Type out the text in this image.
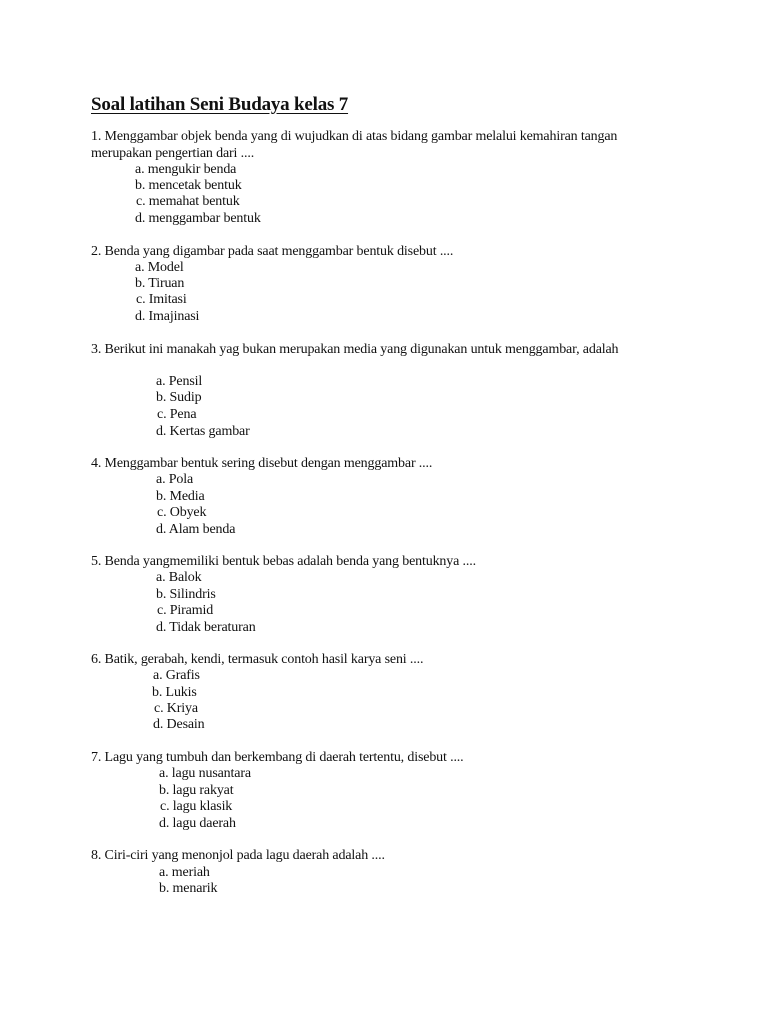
Soal latihan Seni Budaya kelas 7
1. Menggambar objek benda yang di wujudkan di atas bidang gambar melalui kemahiran tangan
merupakan pengertian dari ....
a. mengukir benda
b. mencetak bentuk
c. memahat bentuk
d. menggambar bentuk
2. Benda yang digambar pada saat menggambar bentuk disebut ....
a. Model
b. Tiruan
c. Imitasi
d. Imajinasi
3. Berikut ini manakah yag bukan merupakan media yang digunakan untuk menggambar, adalah
a. Pensil
b. Sudip
c. Pena
d. Kertas gambar
4. Menggambar bentuk sering disebut dengan menggambar ....
a. Pola
b. Media
c. Obyek
d. Alam benda
5. Benda yangmemiliki bentuk bebas adalah benda yang bentuknya ....
a. Balok
b. Silindris
c. Piramid
d. Tidak beraturan
6. Batik, gerabah, kendi, termasuk contoh hasil karya seni ....
a. Grafis
b. Lukis
c. Kriya
d. Desain
7. Lagu yang tumbuh dan berkembang di daerah tertentu, disebut ....
a. lagu nusantara
b. lagu rakyat
c. lagu klasik
d. lagu daerah
8. Ciri-ciri yang menonjol pada lagu daerah adalah ....
a. meriah
b. menarik
